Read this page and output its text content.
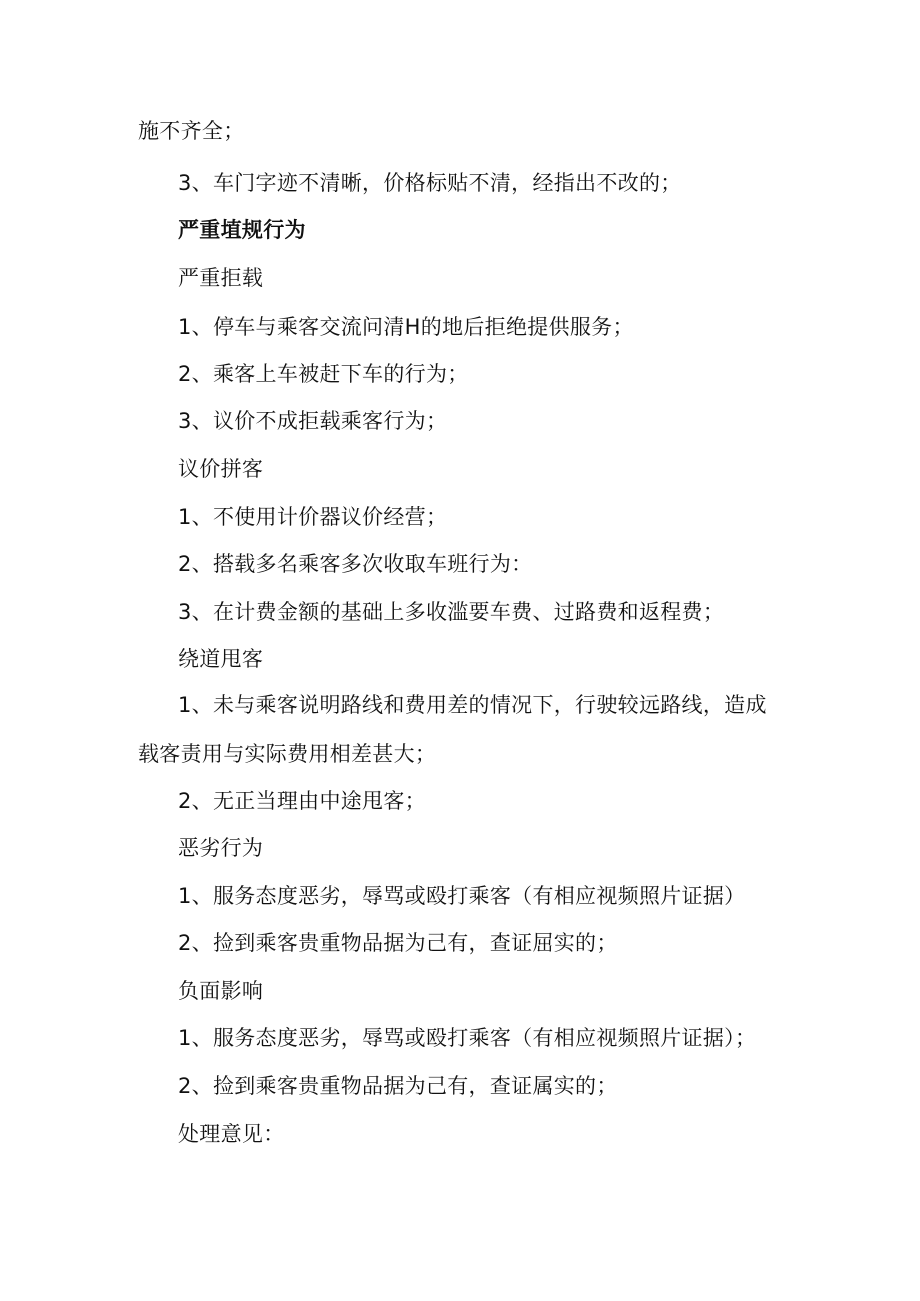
施不齐全；
3、车门字迹不清晰，价格标贴不清，经指出不改的；
严重埴规行为
严重拒载
1、停车与乘客交流问清H的地后拒绝提供服务；
2、乘客上车被赶下车的行为；
3、议价不成拒载乘客行为；
议价拼客
1、不使用计价器议价经营；
2、搭载多名乘客多次收取车班行为：
3、在计费金额的基础上多收滥要车费、过路费和返程费；
绕道甩客
1、未与乘客说明路线和费用差的情况下，行驶较远路线，造成
载客责用与实际费用相差甚大；
2、无正当理由中途甩客；
恶劣行为
1、服务态度恶劣，辱骂或殴打乘客（有相应视频照片证据）
2、捡到乘客贵重物品据为己有，查证屈实的；
负面影响
1、服务态度恶劣，辱骂或殴打乘客（有相应视频照片证据）；
2、捡到乘客贵重物品据为己有，查证属实的；
处理意见：
